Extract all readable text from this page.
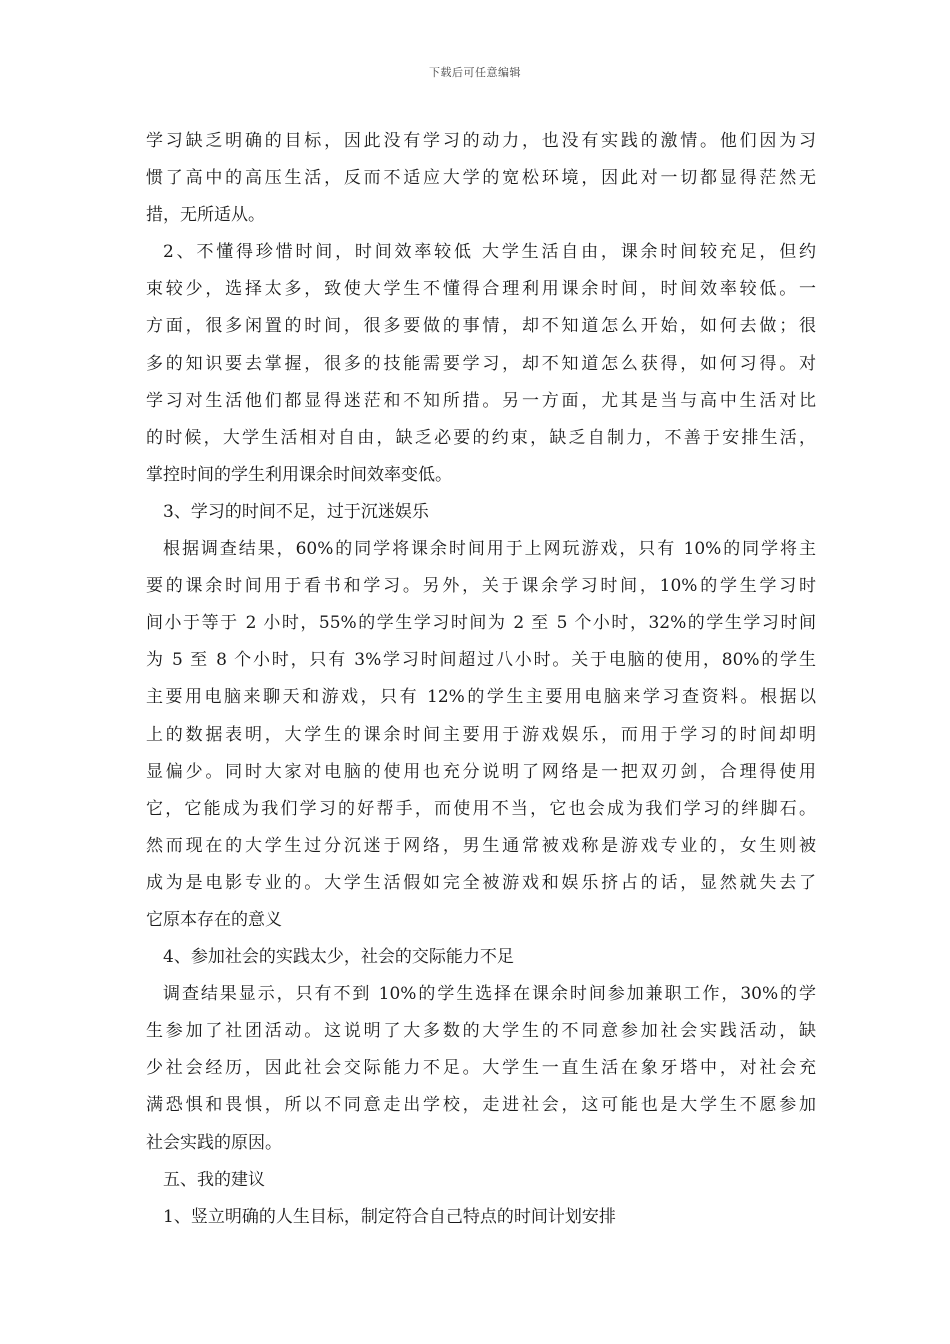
下载后可任意编辑
学习缺乏明确的目标，因此没有学习的动力，也没有实践的激情。他们因为习
惯了高中的高压生活，反而不适应大学的宽松环境，因此对一切都显得茫然无
措，无所适从。
2、不懂得珍惜时间，时间效率较低 大学生活自由，课余时间较充足，但约
束较少，选择太多，致使大学生不懂得合理利用课余时间，时间效率较低。一
方面，很多闲置的时间，很多要做的事情，却不知道怎么开始，如何去做；很
多的知识要去掌握，很多的技能需要学习，却不知道怎么获得，如何习得。对
学习对生活他们都显得迷茫和不知所措。另一方面，尤其是当与高中生活对比
的时候，大学生活相对自由，缺乏必要的约束，缺乏自制力，不善于安排生活，
掌控时间的学生利用课余时间效率变低。
3、学习的时间不足，过于沉迷娱乐
根据调查结果，60%的同学将课余时间用于上网玩游戏，只有 10%的同学将主
要的课余时间用于看书和学习。另外，关于课余学习时间，10%的学生学习时
间小于等于 2 小时，55%的学生学习时间为 2 至 5 个小时，32%的学生学习时间
为 5 至 8 个小时，只有 3%学习时间超过八小时。关于电脑的使用，80%的学生
主要用电脑来聊天和游戏，只有 12%的学生主要用电脑来学习查资料。根据以
上的数据表明，大学生的课余时间主要用于游戏娱乐，而用于学习的时间却明
显偏少。同时大家对电脑的使用也充分说明了网络是一把双刃剑，合理得使用
它，它能成为我们学习的好帮手，而使用不当，它也会成为我们学习的绊脚石。
然而现在的大学生过分沉迷于网络，男生通常被戏称是游戏专业的，女生则被
成为是电影专业的。大学生活假如完全被游戏和娱乐挤占的话，显然就失去了
它原本存在的意义
4、参加社会的实践太少，社会的交际能力不足
调查结果显示，只有不到 10%的学生选择在课余时间参加兼职工作，30%的学
生参加了社团活动。这说明了大多数的大学生的不同意参加社会实践活动，缺
少社会经历，因此社会交际能力不足。大学生一直生活在象牙塔中，对社会充
满恐惧和畏惧，所以不同意走出学校，走进社会，这可能也是大学生不愿参加
社会实践的原因。
五、我的建议
1、竖立明确的人生目标，制定符合自己特点的时间计划安排
